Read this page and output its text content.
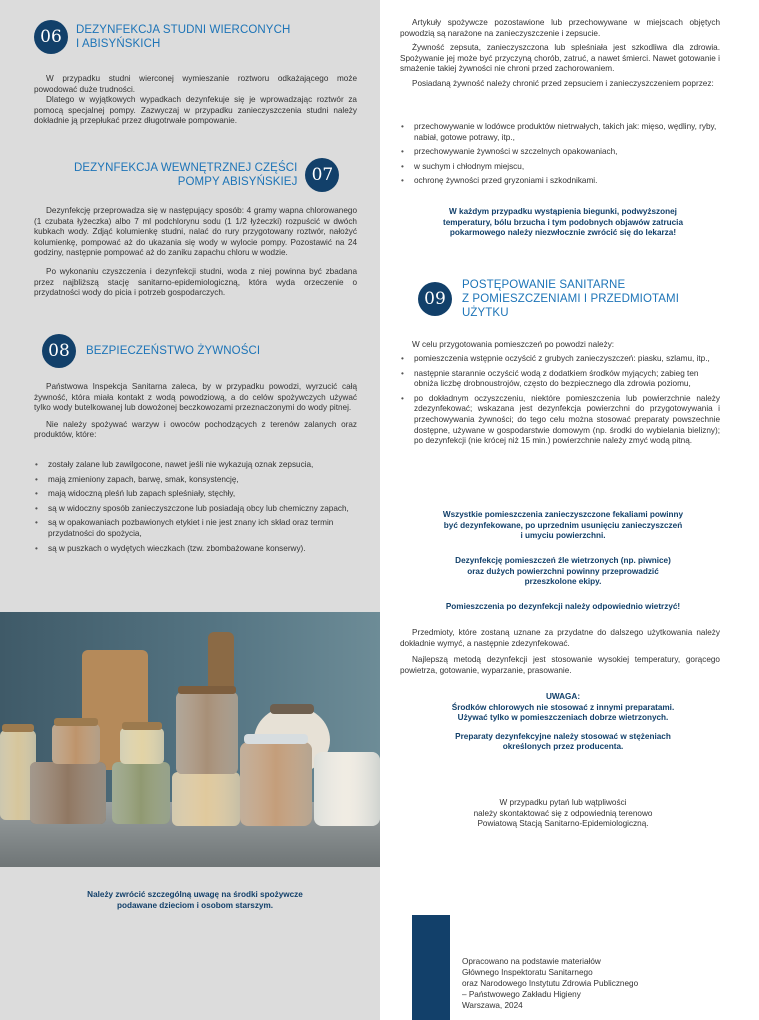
06	DEZYNFEKCJA STUDNI WIERCONYCH
I ABISYŃSKICH

W przypadku studni wierconej wymieszanie roztworu odkażającego może powodować duże trudności.

Dlatego w wyjątkowych wypadkach dezynfekuje się je wprowadzając roztwór za pomocą specjalnej pompy. Zazwyczaj w przypadku zanieczyszczenia studni należy dokładnie ją przepłukać przez długotrwałe pompowanie.

DEZYNFEKCJA WEWNĘTRZNEJ CZĘŚCI
POMPY ABISYŃSKIEJ 07

Dezynfekcję przeprowadza się w następujący sposób: 4 gramy wapna chlorowanego (1 czubata łyżeczka) albo 7 ml podchlorynu sodu (1 1/2 łyżeczki) rozpuścić w dwóch kubkach wody. Zdjąć kolumienkę studni, nalać do rury przygotowany roztwór, nałożyć kolumienkę, pompować aż do ukazania się wody w wylocie pompy. Pozostawić na 24 godziny, następnie pompować aż do zaniku zapachu chloru w wodzie.

Po wykonaniu czyszczenia i dezynfekcji studni, woda z niej powinna być zbadana przez najbliższą stację sanitarno-epidemiologiczną, która wyda orzeczenie o przydatności wody do picia i potrzeb gospodarczych.

08	BEZPIECZEŃSTWO ŻYWNOŚCI

Państwowa Inspekcja Sanitarna zaleca, by w przypadku powodzi, wyrzucić całą żywność, która miała kontakt z wodą powodziową, a do celów spożywczych używać tylko wody butelkowanej lub dowożonej beczkowozami przeznaczonymi do wody pitnej.

Nie należy spożywać warzyw i owoców pochodzących z terenów zalanych oraz produktów, które:

• zostały zalane lub zawilgocone, nawet jeśli nie wykazują oznak zepsucia,
• mają zmieniony zapach, barwę, smak, konsystencję,
• mają widoczną pleśń lub zapach spleśniały, stęchły,
• są w widoczny sposób zanieczyszczone lub posiadają obcy lub chemiczny zapach,
• są w opakowaniach pozbawionych etykiet i nie jest znany ich skład oraz termin przydatności do spożycia,
• są w puszkach o wydętych wieczkach (tzw. zbombażowane konserwy).
Należy zwrócić szczególną uwagę na środki spożywcze
podawane dzieciom i osobom starszym.

Artykuły spożywcze pozostawione lub przechowywane w miejscach objętych powodzią są narażone na zanieczyszczenie i zepsucie.

Żywność zepsuta, zanieczyszczona lub spleśniała jest szkodliwa dla zdrowia. Spożywanie jej może być przyczyną chorób, zatruć, a nawet śmierci. Nawet gotowanie i smażenie takiej żywności nie chroni przed zachorowaniem.

Posiadaną żywność należy chronić przed zepsuciem i zanieczyszczeniem poprzez:

• przechowywanie w lodówce produktów nietrwałych, takich jak: mięso, wędliny, ryby, nabiał, gotowe potrawy, itp.,
• przechowywanie żywności w szczelnych opakowaniach,
• w suchym i chłodnym miejscu,
• ochronę żywności przed gryzoniami i szkodnikami.
W każdym przypadku wystąpienia biegunki, podwyższonej
temperatury, bólu brzucha i tym podobnych objawów zatrucia
pokarmowego należy niezwłocznie zwrócić się do lekarza!
09
POSTĘPOWANIE SANITARNE
Z POMIESZCZENIAMI I PRZEDMIOTAMI
UŻYTKU

W celu przygotowania pomieszczeń po powodzi należy:

• pomieszczenia wstępnie oczyścić z grubych zanieczyszczeń: piasku, szlamu, itp.,
• następnie starannie oczyścić wodą z dodatkiem środków myjących; zabieg ten obniża liczbę drobnoustrojów, często do bezpiecznego dla zdrowia poziomu,
• po dokładnym oczyszczeniu, niektóre pomieszczenia lub powierzchnie należy zdezynfekować; wskazana jest dezynfekcja powierzchni do przygotowywania i przechowywania żywności; do tego celu można stosować preparaty powszechnie dostępne, używane w gospodarstwie domowym (np. środki do wybielania bielizny); po dezynfekcji (nie krócej niż 15 min.) powierzchnie należy zmyć wodą pitną.
Wszystkie pomieszczenia zanieczyszczone fekaliami powinny
być dezynfekowane, po uprzednim usunięciu zanieczyszczeń
i umyciu powierzchni.
Dezynfekcję pomieszczeń źle wietrzonych (np. piwnice)
oraz dużych powierzchni powinny przeprowadzić
przeszkolone ekipy.
Pomieszczenia po dezynfekcji należy odpowiednio wietrzyć!

Przedmioty, które zostaną uznane za przydatne do dalszego użytkowania należy dokładnie wymyć, a następnie zdezynfekować.

Najlepszą metodą dezynfekcji jest stosowanie wysokiej temperatury, gorącego powietrza, gotowanie, wyparzanie, prasowanie.

UWAGA:
Środków chlorowych nie stosować z innymi preparatami.
Używać tylko w pomieszczeniach dobrze wietrzonych.
Preparaty dezynfekcyjne należy stosować w stężeniach
określonych przez producenta.
W przypadku pytań lub wątpliwości
należy skontaktować się z odpowiednią terenowo
Powiatową Stacją Sanitarno-Epidemiologiczną.
Opracowano na podstawie materiałów
Głównego Inspektoratu Sanitarnego
oraz Narodowego Instytutu Zdrowia Publicznego
– Państwowego Zakładu Higieny
Warszawa, 2024
